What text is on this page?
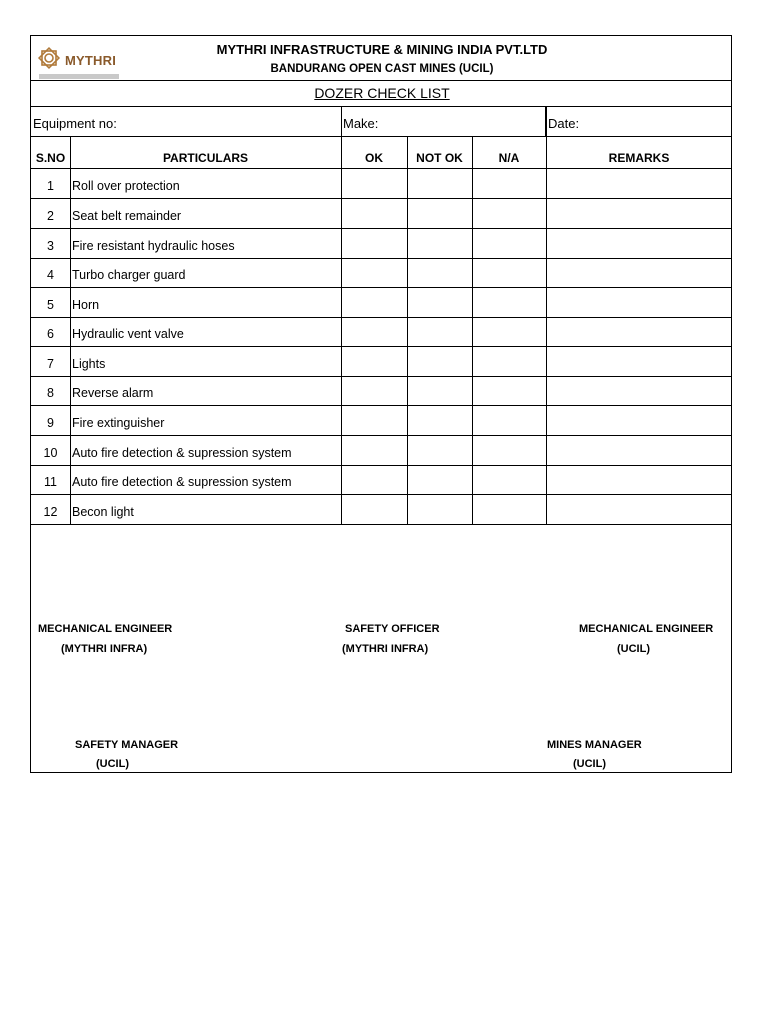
MYTHRI
MYTHRI INFRASTRUCTURE & MINING INDIA PVT.LTD
BANDURANG OPEN CAST MINES (UCIL)
DOZER CHECK LIST
Equipment no:	Make:	Date:
S.NO	PARTICULARS	OK	NOT OK	N/A	REMARKS
1	Roll over protection
2	Seat belt remainder
3	Fire resistant hydraulic hoses
4	Turbo charger guard
5	Horn
6	Hydraulic vent valve
7	Lights
8	Reverse alarm
9	Fire extinguisher
10	Auto fire detection & supression system
11	Auto fire detection & supression system
12	Becon light
MECHANICAL ENGINEER
(MYTHRI INFRA)
SAFETY OFFICER
(MYTHRI INFRA)
MECHANICAL ENGINEER
(UCIL)
SAFETY MANAGER
(UCIL)
MINES MANAGER
(UCIL)
